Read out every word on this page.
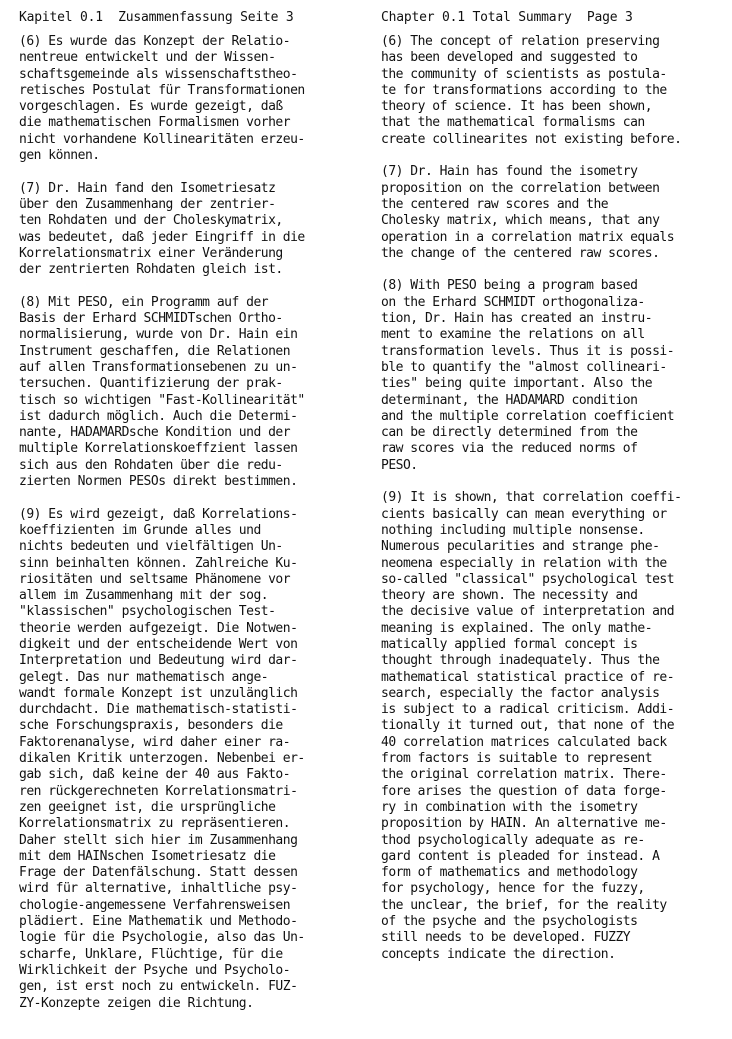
Kapitel 0.1  Zusammenfassung Seite 3
(6) Es wurde das Konzept der Relatio-
nentreue entwickelt und der Wissen-
schaftsgemeinde als wissenschaftstheo-
retisches Postulat für Transformationen
vorgeschlagen. Es wurde gezeigt, daß
die mathematischen Formalismen vorher
nicht vorhandene Kollinearitäten erzeu-
gen können.
(7) Dr. Hain fand den Isometriesatz
über den Zusammenhang der zentrier-
ten Rohdaten und der Choleskymatrix,
was bedeutet, daß jeder Eingriff in die
Korrelationsmatrix einer Veränderung
der zentrierten Rohdaten gleich ist.
(8) Mit PESO, ein Programm auf der
Basis der Erhard SCHMIDTschen Ortho-
normalisierung, wurde von Dr. Hain ein
Instrument geschaffen, die Relationen
auf allen Transformationsebenen zu un-
tersuchen. Quantifizierung der prak-
tisch so wichtigen "Fast-Kollinearität"
ist dadurch möglich. Auch die Determi-
nante, HADAMARDsche Kondition und der
multiple Korrelationskoeffzient lassen
sich aus den Rohdaten über die redu-
zierten Normen PESOs direkt bestimmen.
(9) Es wird gezeigt, daß Korrelations-
koeffizienten im Grunde alles und
nichts bedeuten und vielfältigen Un-
sinn beinhalten können. Zahlreiche Ku-
riositäten und seltsame Phänomene vor
allem im Zusammenhang mit der sog.
"klassischen" psychologischen Test-
theorie werden aufgezeigt. Die Notwen-
digkeit und der entscheidende Wert von
Interpretation und Bedeutung wird dar-
gelegt. Das nur mathematisch ange-
wandt formale Konzept ist unzulänglich
durchdacht. Die mathematisch-statisti-
sche Forschungspraxis, besonders die
Faktorenanalyse, wird daher einer ra-
dikalen Kritik unterzogen. Nebenbei er-
gab sich, daß keine der 40 aus Fakto-
ren rückgerechneten Korrelationsmatri-
zen geeignet ist, die ursprüngliche
Korrelationsmatrix zu repräsentieren.
Daher stellt sich hier im Zusammenhang
mit dem HAINschen Isometriesatz die
Frage der Datenfälschung. Statt dessen
wird für alternative, inhaltliche psy-
chologie-angemessene Verfahrensweisen
plädiert. Eine Mathematik und Methodo-
logie für die Psychologie, also das Un-
scharfe, Unklare, Flüchtige, für die
Wirklichkeit der Psyche und Psycholo-
gen, ist erst noch zu entwickeln. FUZ-
ZY-Konzepte zeigen die Richtung.
Chapter 0.1 Total Summary  Page 3
(6) The concept of relation preserving
has been developed and suggested to
the community of scientists as postula-
te for transformations according to the
theory of science. It has been shown,
that the mathematical formalisms can
create collinearites not existing before.
(7) Dr. Hain has found the isometry
proposition on the correlation between
the centered raw scores and the
Cholesky matrix, which means, that any
operation in a correlation matrix equals
the change of the centered raw scores.
(8) With PESO being a program based
on the Erhard SCHMIDT orthogonaliza-
tion, Dr. Hain has created an instru-
ment to examine the relations on all
transformation levels. Thus it is possi-
ble to quantify the "almost collineari-
ties" being quite important. Also the
determinant, the HADAMARD condition
and the multiple correlation coefficient
can be directly determined from the
raw scores via the reduced norms of
PESO.
(9) It is shown, that correlation coeffi-
cients basically can mean everything or
nothing including multiple nonsense.
Numerous pecularities and strange phe-
neomena especially in relation with the
so-called "classical" psychological test
theory are shown. The necessity and
the decisive value of interpretation and
meaning is explained. The only mathe-
matically applied formal concept is
thought through inadequately. Thus the
mathematical statistical practice of re-
search, especially the factor analysis
is subject to a radical criticism. Addi-
tionally it turned out, that none of the
40 correlation matrices calculated back
from factors is suitable to represent
the original correlation matrix. There-
fore arises the question of data forge-
ry in combination with the isometry
proposition by HAIN. An alternative me-
thod psychologically adequate as re-
gard content is pleaded for instead. A
form of mathematics and methodology
for psychology, hence for the fuzzy,
the unclear, the brief, for the reality
of the psyche and the psychologists
still needs to be developed. FUZZY
concepts indicate the direction.
